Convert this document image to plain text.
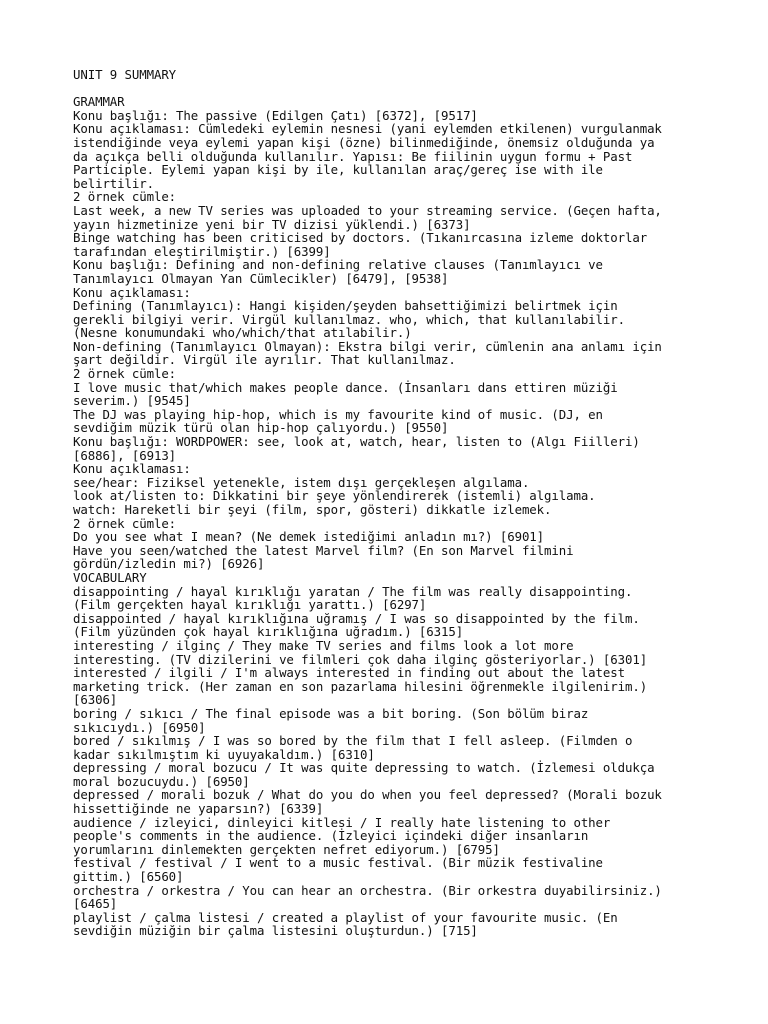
UNIT 9 SUMMARY
GRAMMAR
Konu başlığı: The passive (Edilgen Çatı) [6372], [9517]
Konu açıklaması: Cümledeki eylemin nesnesi (yani eylemden etkilenen) vurgulanmak
istendiğinde veya eylemi yapan kişi (özne) bilinmediğinde, önemsiz olduğunda ya
da açıkça belli olduğunda kullanılır. Yapısı: Be fiilinin uygun formu + Past
Participle. Eylemi yapan kişi by ile, kullanılan araç/gereç ise with ile
belirtilir.
2 örnek cümle:
Last week, a new TV series was uploaded to your streaming service. (Geçen hafta,
yayın hizmetinize yeni bir TV dizisi yüklendi.) [6373]
Binge watching has been criticised by doctors. (Tıkanırcasına izleme doktorlar
tarafından eleştirilmiştir.) [6399]
Konu başlığı: Defining and non-defining relative clauses (Tanımlayıcı ve
Tanımlayıcı Olmayan Yan Cümlecikler) [6479], [9538]
Konu açıklaması:
Defining (Tanımlayıcı): Hangi kişiden/şeyden bahsettiğimizi belirtmek için
gerekli bilgiyi verir. Virgül kullanılmaz. who, which, that kullanılabilir.
(Nesne konumundaki who/which/that atılabilir.)
Non-defining (Tanımlayıcı Olmayan): Ekstra bilgi verir, cümlenin ana anlamı için
şart değildir. Virgül ile ayrılır. That kullanılmaz.
2 örnek cümle:
I love music that/which makes people dance. (İnsanları dans ettiren müziği
severim.) [9545]
The DJ was playing hip-hop, which is my favourite kind of music. (DJ, en
sevdiğim müzik türü olan hip-hop çalıyordu.) [9550]
Konu başlığı: WORDPOWER: see, look at, watch, hear, listen to (Algı Fiilleri)
[6886], [6913]
Konu açıklaması:
see/hear: Fiziksel yetenekle, istem dışı gerçekleşen algılama.
look at/listen to: Dikkatini bir şeye yönlendirerek (istemli) algılama.
watch: Hareketli bir şeyi (film, spor, gösteri) dikkatle izlemek.
2 örnek cümle:
Do you see what I mean? (Ne demek istediğimi anladın mı?) [6901]
Have you seen/watched the latest Marvel film? (En son Marvel filmini
gördün/izledin mi?) [6926]
VOCABULARY
disappointing / hayal kırıklığı yaratan / The film was really disappointing.
(Film gerçekten hayal kırıklığı yarattı.) [6297]
disappointed / hayal kırıklığına uğramış / I was so disappointed by the film.
(Film yüzünden çok hayal kırıklığına uğradım.) [6315]
interesting / ilginç / They make TV series and films look a lot more
interesting. (TV dizilerini ve filmleri çok daha ilginç gösteriyorlar.) [6301]
interested / ilgili / I'm always interested in finding out about the latest
marketing trick. (Her zaman en son pazarlama hilesini öğrenmekle ilgilenirim.)
[6306]
boring / sıkıcı / The final episode was a bit boring. (Son bölüm biraz
sıkıcıydı.) [6950]
bored / sıkılmış / I was so bored by the film that I fell asleep. (Filmden o
kadar sıkılmıştım ki uyuyakaldım.) [6310]
depressing / moral bozucu / It was quite depressing to watch. (İzlemesi oldukça
moral bozucuydu.) [6950]
depressed / morali bozuk / What do you do when you feel depressed? (Morali bozuk
hissettiğinde ne yaparsın?) [6339]
audience / izleyici, dinleyici kitlesi / I really hate listening to other
people's comments in the audience. (İzleyici içindeki diğer insanların
yorumlarını dinlemekten gerçekten nefret ediyorum.) [6795]
festival / festival / I went to a music festival. (Bir müzik festivaline
gittim.) [6560]
orchestra / orkestra / You can hear an orchestra. (Bir orkestra duyabilirsiniz.)
[6465]
playlist / çalma listesi / created a playlist of your favourite music. (En
sevdiğin müziğin bir çalma listesini oluşturdun.) [715]
